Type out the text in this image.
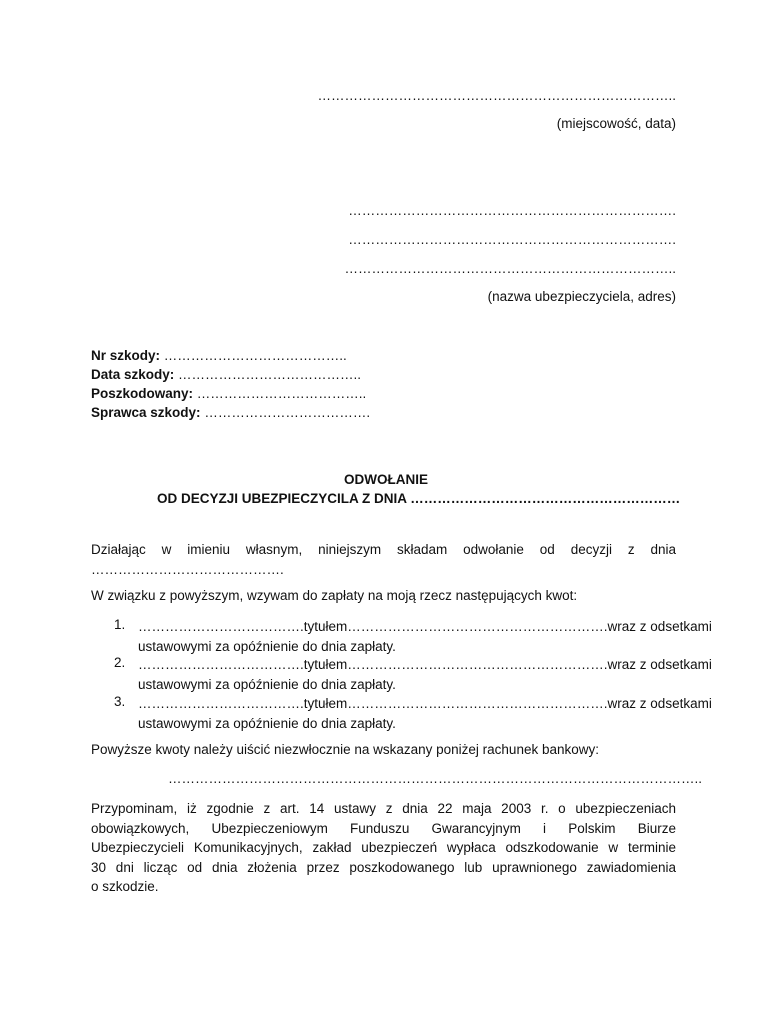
……………………………………………………………………..
(miejscowość, data)
……………………………………………………………….
……………………………………………………………….
………………………………………………………………..
(nazwa ubezpieczyciela, adres)
Nr szkody: …………………………………..
Data szkody: …………………………………..
Poszkodowany: ………………………………..
Sprawca szkody: ……………………………….
ODWOŁANIE
OD DECYZJI UBEZPIECZYCILA Z DNIA ……………………………………………………
Działając w imieniu własnym, niniejszym składam odwołanie od decyzji z dnia
…………………………………….
W związku z powyższym, wzywam do zapłaty na moją rzecz następujących kwot:
1. ………………………………. tytułem …………………………………………………. wraz z odsetkami
ustawowymi za opóźnienie do dnia zapłaty.
2. ………………………………. tytułem …………………………………………………. wraz z odsetkami
ustawowymi za opóźnienie do dnia zapłaty.
3. ………………………………. tytułem …………………………………………………. wraz z odsetkami
ustawowymi za opóźnienie do dnia zapłaty.
Powyższe kwoty należy uiścić niezwłocznie na wskazany poniżej rachunek bankowy:
………………………………………………………………………………………………………..
Przypominam, iż zgodnie z art. 14 ustawy z dnia 22 maja 2003 r. o ubezpieczeniach
obowiązkowych, Ubezpieczeniowym Funduszu Gwarancyjnym i Polskim Biurze
Ubezpieczycieli Komunikacyjnych, zakład ubezpieczeń wypłaca odszkodowanie w terminie
30 dni licząc od dnia złożenia przez poszkodowanego lub uprawnionego zawiadomienia
o szkodzie.
